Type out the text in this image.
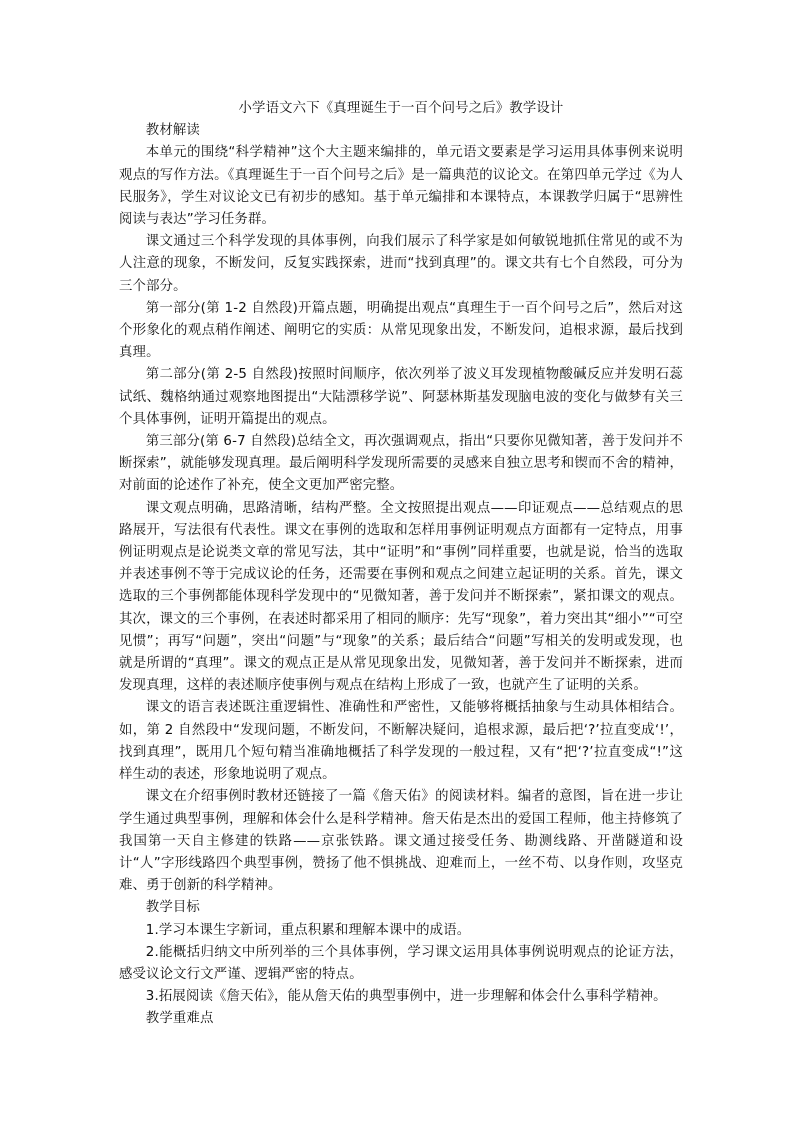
小学语文六下《真理诞生于一百个问号之后》教学设计
教材解读

本单元的围绕“科学精神”这个大主题来编排的，单元语文要素是学习运用具体事例来说明观点的写作方法。《真理诞生于一百个问号之后》是一篇典范的议论文。在第四单元学过《为人民服务》，学生对议论文已有初步的感知。基于单元编排和本课特点，本课教学归属于“思辨性阅读与表达”学习任务群。

课文通过三个科学发现的具体事例，向我们展示了科学家是如何敏锐地抓住常见的或不为人注意的现象，不断发问，反复实践探索，进而“找到真理”的。课文共有七个自然段，可分为三个部分。

第一部分(第 1-2 自然段)开篇点题，明确提出观点“真理生于一百个问号之后”，然后对这个形象化的观点稍作阐述、阐明它的实质：从常见现象出发，不断发问，追根求源，最后找到真理。

第二部分(第 2-5 自然段)按照时间顺序，依次列举了波义耳发现植物酸碱反应并发明石蕊试纸、魏格纳通过观察地图提出“大陆漂移学说”、阿瑟林斯基发现脑电波的变化与做梦有关三个具体事例，证明开篇提出的观点。

第三部分(第 6-7 自然段)总结全文，再次强调观点，指出“只要你见微知著，善于发问并不断探索”，就能够发现真理。最后阐明科学发现所需要的灵感来自独立思考和锲而不舍的精神，对前面的论述作了补充，使全文更加严密完整。

课文观点明确，思路清晰，结构严整。全文按照提出观点——印证观点——总结观点的思路展开，写法很有代表性。课文在事例的选取和怎样用事例证明观点方面都有一定特点，用事例证明观点是论说类文章的常见写法，其中“证明”和“事例”同样重要，也就是说，恰当的选取并表述事例不等于完成议论的任务，还需要在事例和观点之间建立起证明的关系。首先，课文选取的三个事例都能体现科学发现中的“见微知著，善于发问并不断探索”，紧扣课文的观点。其次，课文的三个事例，在表述时都采用了相同的顺序：先写“现象”，着力突出其“细小”“可空见惯”；再写“问题”，突出“问题”与“现象”的关系；最后结合“问题”写相关的发明或发现，也就是所谓的“真理”。课文的观点正是从常见现象出发，见微知著，善于发问并不断探索，进而发现真理，这样的表述顺序使事例与观点在结构上形成了一致，也就产生了证明的关系。

课文的语言表述既注重逻辑性、准确性和严密性，又能够将概括抽象与生动具体相结合。如，第 2 自然段中“发现问题，不断发问，不断解决疑问，追根求源，最后把‘?’拉直变成‘!’，找到真理”，既用几个短句精当准确地概括了科学发现的一般过程，又有“把‘?’拉直变成“!”这样生动的表述，形象地说明了观点。

课文在介绍事例时教材还链接了一篇《詹天佑》的阅读材料。编者的意图，旨在进一步让学生通过典型事例，理解和体会什么是科学精神。詹天佑是杰出的爱国工程师，他主持修筑了我国第一天自主修建的铁路——京张铁路。课文通过接受任务、勘测线路、开凿隧道和设计“人”字形线路四个典型事例，赞扬了他不惧挑战、迎难而上，一丝不苟、以身作则，攻坚克难、勇于创新的科学精神。

教学目标

1.学习本课生字新词，重点积累和理解本课中的成语。

2.能概括归纳文中所列举的三个具体事例，学习课文运用具体事例说明观点的论证方法，感受议论文行文严谨、逻辑严密的特点。

3.拓展阅读《詹天佑》，能从詹天佑的典型事例中，进一步理解和体会什么事科学精神。

教学重难点
